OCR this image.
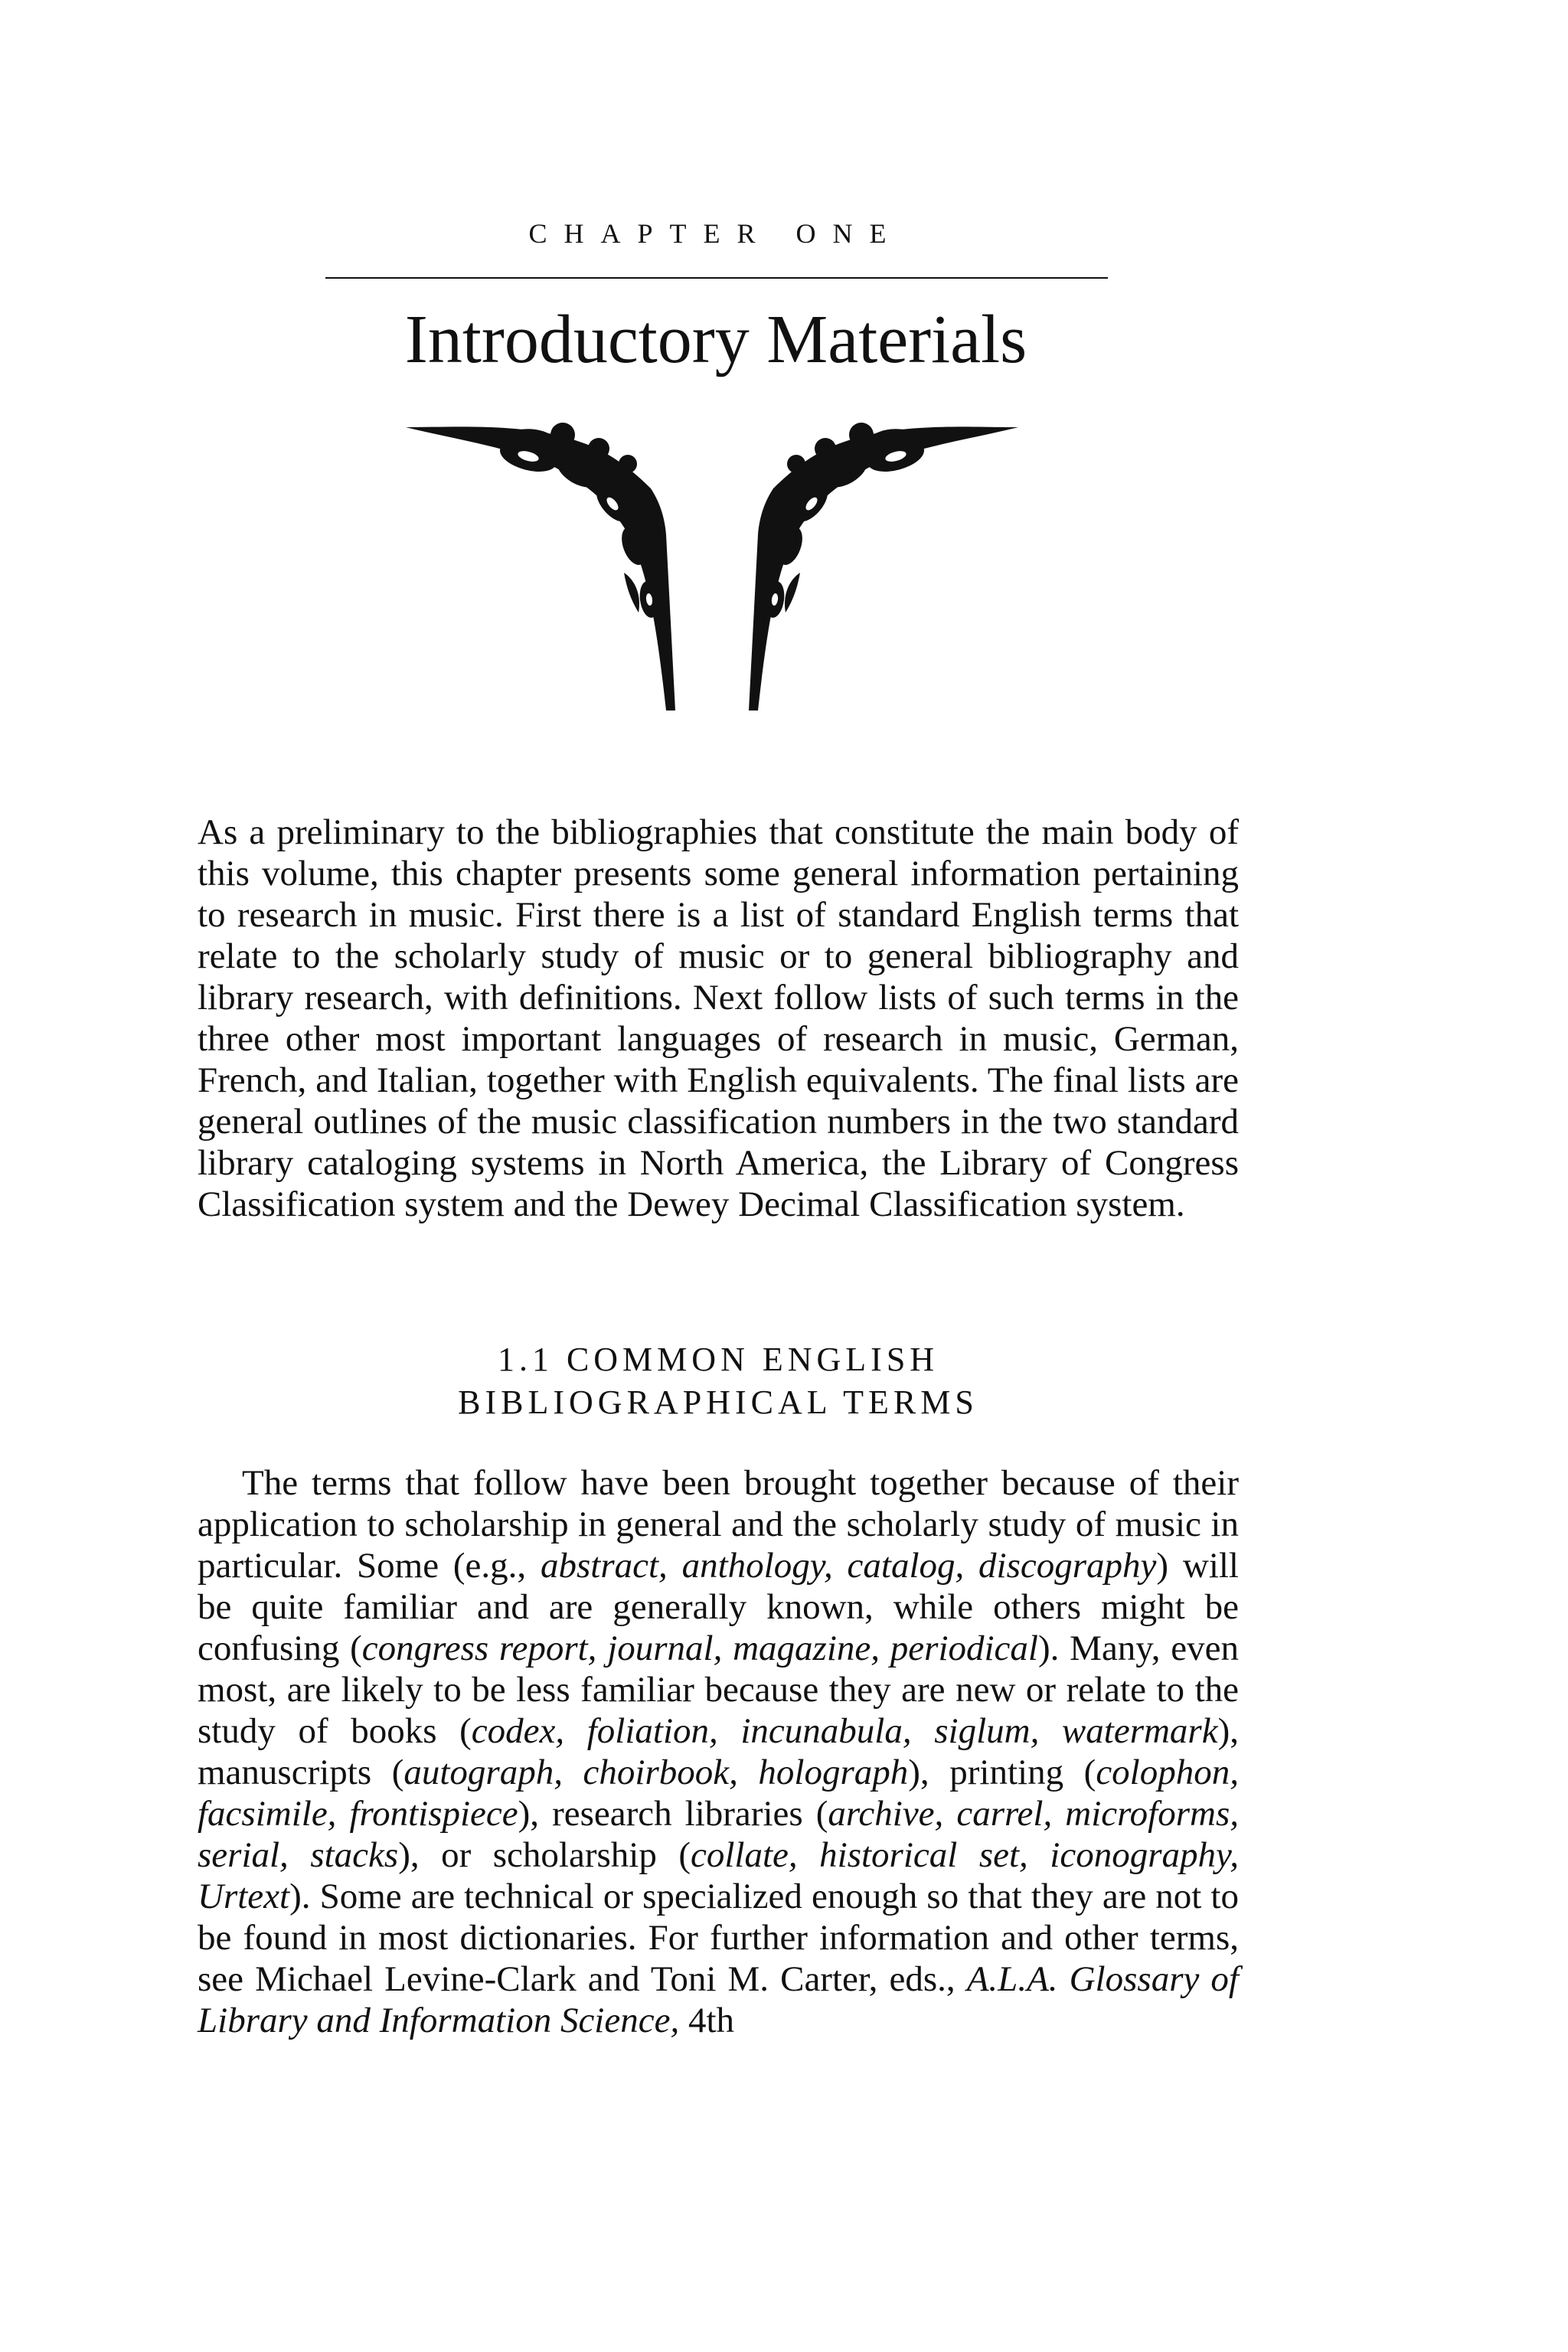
CHAPTER ONE
Introductory Materials

As a preliminary to the bibliographies that constitute the main body of this volume, this chapter presents some general information pertaining to research in music. First there is a list of standard English terms that relate to the scholarly study of music or to general bibliography and library research, with definitions. Next follow lists of such terms in the three other most important languages of research in music, German, French, and Italian, together with English equivalents. The final lists are general outlines of the music classification numbers in the two standard library cataloging systems in North America, the Library of Congress Classification system and the Dewey Decimal Classification system.

1.1 COMMON ENGLISH
BIBLIOGRAPHICAL TERMS

The terms that follow have been brought together because of their application to scholarship in general and the scholarly study of music in particular. Some (e.g., abstract, anthology, catalog, discography) will be quite familiar and are generally known, while others might be confusing (congress report, journal, magazine, periodical). Many, even most, are likely to be less familiar because they are new or relate to the study of books (codex, foliation, incunabula, siglum, watermark), manuscripts (autograph, choirbook, holograph), printing (colophon, facsimile, frontispiece), research libraries (archive, carrel, microforms, serial, stacks), or scholarship (collate, historical set, iconography, Urtext). Some are technical or specialized enough so that they are not to be found in most dictionaries. For further information and other terms, see Michael Levine-Clark and Toni M. Carter, eds., A.L.A. Glossary of Library and Information Science, 4th
